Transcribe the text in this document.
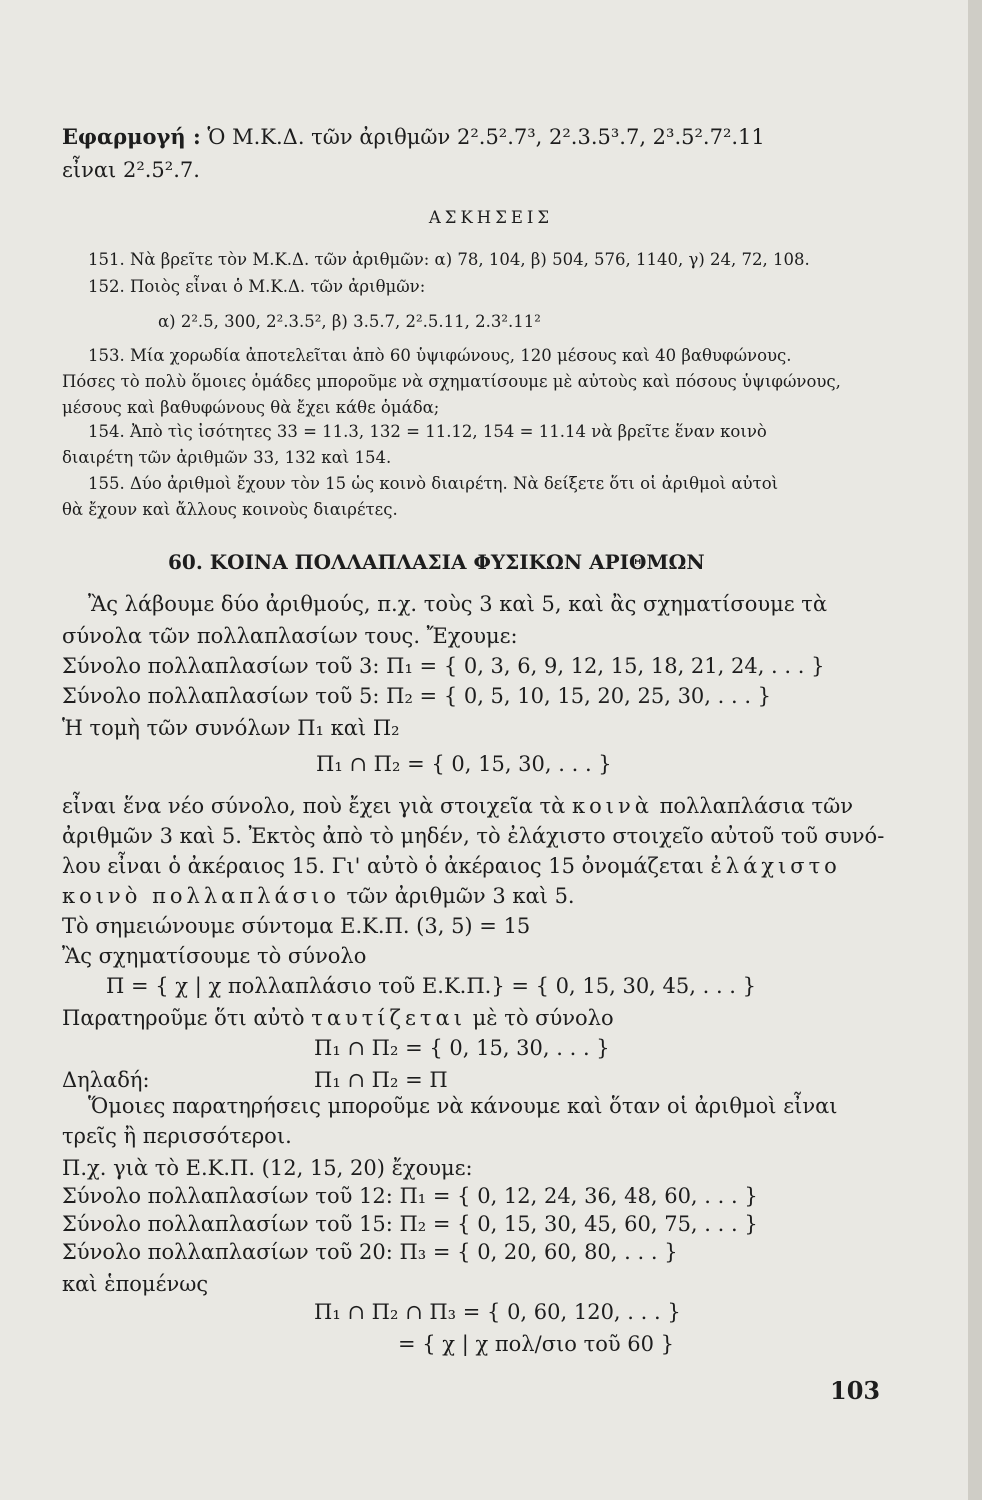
Εφαρμογή : Ὁ Μ.Κ.Δ. τῶν ἀριθμῶν 2².5².7³, 2².3.5³.7, 2³.5².7².11
εἶναι 2².5².7.
ΑΣΚΗΣΕΙΣ
151. Νὰ βρεῖτε τὸν Μ.Κ.Δ. τῶν ἀριθμῶν: α) 78, 104, β) 504, 576, 1140, γ) 24, 72, 108.
152. Ποιὸς εἶναι ὁ Μ.Κ.Δ. τῶν ἀριθμῶν:
α) 2².5, 300, 2².3.5², β) 3.5.7, 2².5.11, 2.3².11²
153. Μία χορωδία ἀποτελεῖται ἀπὸ 60 ὑψιφώνους, 120 μέσους καὶ 40 βαθυφώνους.
Πόσες τὸ πολὺ ὅμοιες ὁμάδες μποροῦμε νὰ σχηματίσουμε μὲ αὐτοὺς καὶ πόσους ὑψιφώνους,
μέσους καὶ βαθυφώνους θὰ ἔχει κάθε ὁμάδα;
154. Ἀπὸ τὶς ἰσότητες 33 = 11.3, 132 = 11.12, 154 = 11.14 νὰ βρεῖτε ἕναν κοινὸ
διαιρέτη τῶν ἀριθμῶν 33, 132 καὶ 154.
155. Δύο ἀριθμοὶ ἔχουν τὸν 15 ὡς κοινὸ διαιρέτη. Νὰ δείξετε ὅτι οἱ ἀριθμοὶ αὐτοὶ
θὰ ἔχουν καὶ ἄλλους κοινοὺς διαιρέτες.
60. ΚΟΙΝΑ ΠΟΛΛΑΠΛΑΣΙΑ ΦΥΣΙΚΩΝ ΑΡΙΘΜΩΝ
Ἂς λάβουμε δύο ἀριθμούς, π.χ. τοὺς 3 καὶ 5, καὶ ἂς σχηματίσουμε τὰ
σύνολα τῶν πολλαπλασίων τους. Ἔχουμε:
Σύνολο πολλαπλασίων τοῦ 3: Π₁ = { 0, 3, 6, 9, 12, 15, 18, 21, 24, . . . }
Σύνολο πολλαπλασίων τοῦ 5: Π₂ = { 0, 5, 10, 15, 20, 25, 30, . . . }
Ἡ τομὴ τῶν συνόλων Π₁ καὶ Π₂
Π₁ ∩ Π₂ = { 0, 15, 30, . . . }
εἶναι ἕνα νέο σύνολο, ποὺ ἔχει γιὰ στοιχεῖα τὰ κοινὰ πολλαπλάσια τῶν
ἀριθμῶν 3 καὶ 5. Ἐκτὸς ἀπὸ τὸ μηδέν, τὸ ἐλάχιστο στοιχεῖο αὐτοῦ τοῦ συνό-
λου εἶναι ὁ ἀκέραιος 15. Γι' αὐτὸ ὁ ἀκέραιος 15 ὀνομάζεται ἐλάχιστο
κοινὸ πολλαπλάσιο τῶν ἀριθμῶν 3 καὶ 5.
Τὸ σημειώνουμε σύντομα Ε.Κ.Π. (3, 5) = 15
Ἂς σχηματίσουμε τὸ σύνολο
Π = { χ | χ πολλαπλάσιο τοῦ Ε.Κ.Π.} = { 0, 15, 30, 45, . . . }
Παρατηροῦμε ὅτι αὐτὸ ταυτίζεται μὲ τὸ σύνολο
Π₁ ∩ Π₂ = { 0, 15, 30, . . . }
Δηλαδή:	Π₁ ∩ Π₂ = Π
Ὅμοιες παρατηρήσεις μποροῦμε νὰ κάνουμε καὶ ὅταν οἱ ἀριθμοὶ εἶναι
τρεῖς ἢ περισσότεροι.
Π.χ. γιὰ τὸ Ε.Κ.Π. (12, 15, 20) ἔχουμε:
Σύνολο πολλαπλασίων τοῦ 12: Π₁ = { 0, 12, 24, 36, 48, 60, . . . }
Σύνολο πολλαπλασίων τοῦ 15: Π₂ = { 0, 15, 30, 45, 60, 75, . . . }
Σύνολο πολλαπλασίων τοῦ 20: Π₃ = { 0, 20, 60, 80, . . . }
καὶ ἑπομένως
Π₁ ∩ Π₂ ∩ Π₃ = { 0, 60, 120, . . . }
= { χ | χ πολ/σιο τοῦ 60 }
103
